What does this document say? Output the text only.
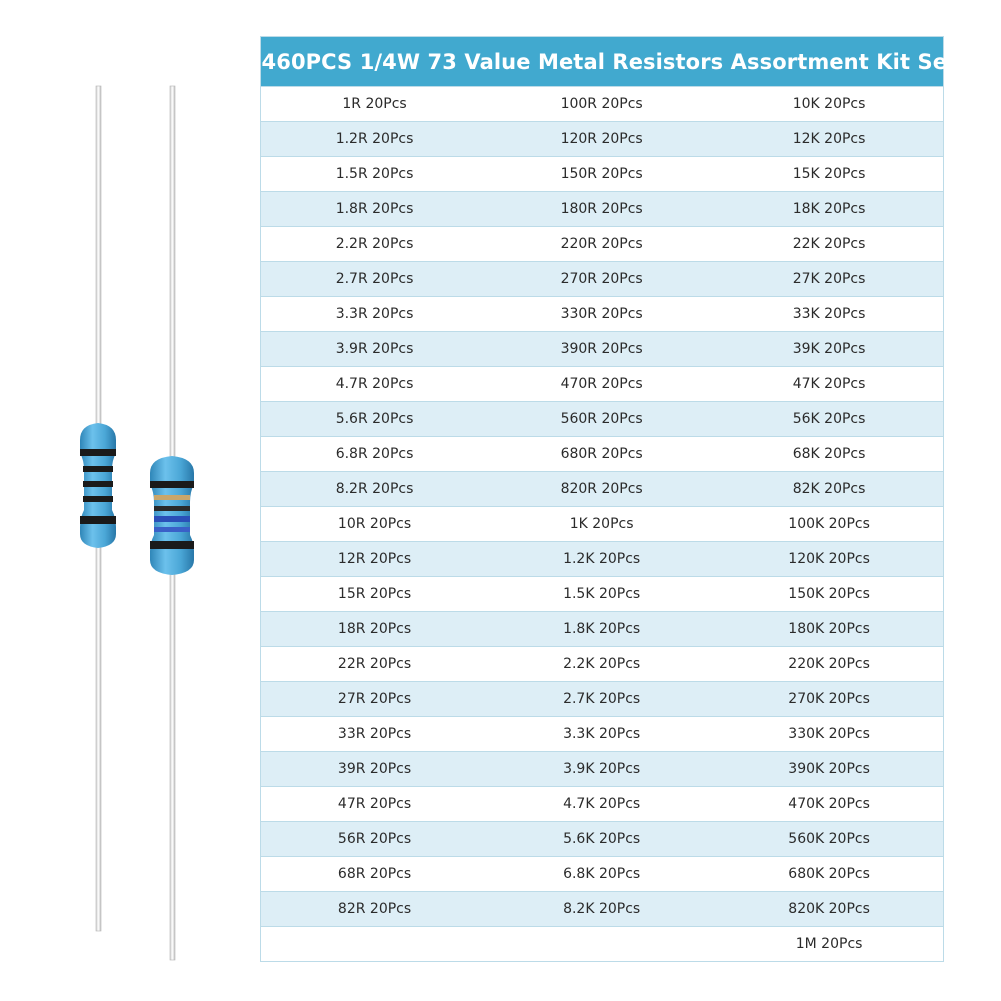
1460PCS 1/4W 73 Value Metal Resistors Assortment Kit Set
1R 20Pcs	100R 20Pcs	10K 20Pcs
1.2R 20Pcs	120R 20Pcs	12K 20Pcs
1.5R 20Pcs	150R 20Pcs	15K 20Pcs
1.8R 20Pcs	180R 20Pcs	18K 20Pcs
2.2R 20Pcs	220R 20Pcs	22K 20Pcs
2.7R 20Pcs	270R 20Pcs	27K 20Pcs
3.3R 20Pcs	330R 20Pcs	33K 20Pcs
3.9R 20Pcs	390R 20Pcs	39K 20Pcs
4.7R 20Pcs	470R 20Pcs	47K 20Pcs
5.6R 20Pcs	560R 20Pcs	56K 20Pcs
6.8R 20Pcs	680R 20Pcs	68K 20Pcs
8.2R 20Pcs	820R 20Pcs	82K 20Pcs
10R 20Pcs	1K 20Pcs	100K 20Pcs
12R 20Pcs	1.2K 20Pcs	120K 20Pcs
15R 20Pcs	1.5K 20Pcs	150K 20Pcs
18R 20Pcs	1.8K 20Pcs	180K 20Pcs
22R 20Pcs	2.2K 20Pcs	220K 20Pcs
27R 20Pcs	2.7K 20Pcs	270K 20Pcs
33R 20Pcs	3.3K 20Pcs	330K 20Pcs
39R 20Pcs	3.9K 20Pcs	390K 20Pcs
47R 20Pcs	4.7K 20Pcs	470K 20Pcs
56R 20Pcs	5.6K 20Pcs	560K 20Pcs
68R 20Pcs	6.8K 20Pcs	680K 20Pcs
82R 20Pcs	8.2K 20Pcs	820K 20Pcs
		1M 20Pcs
